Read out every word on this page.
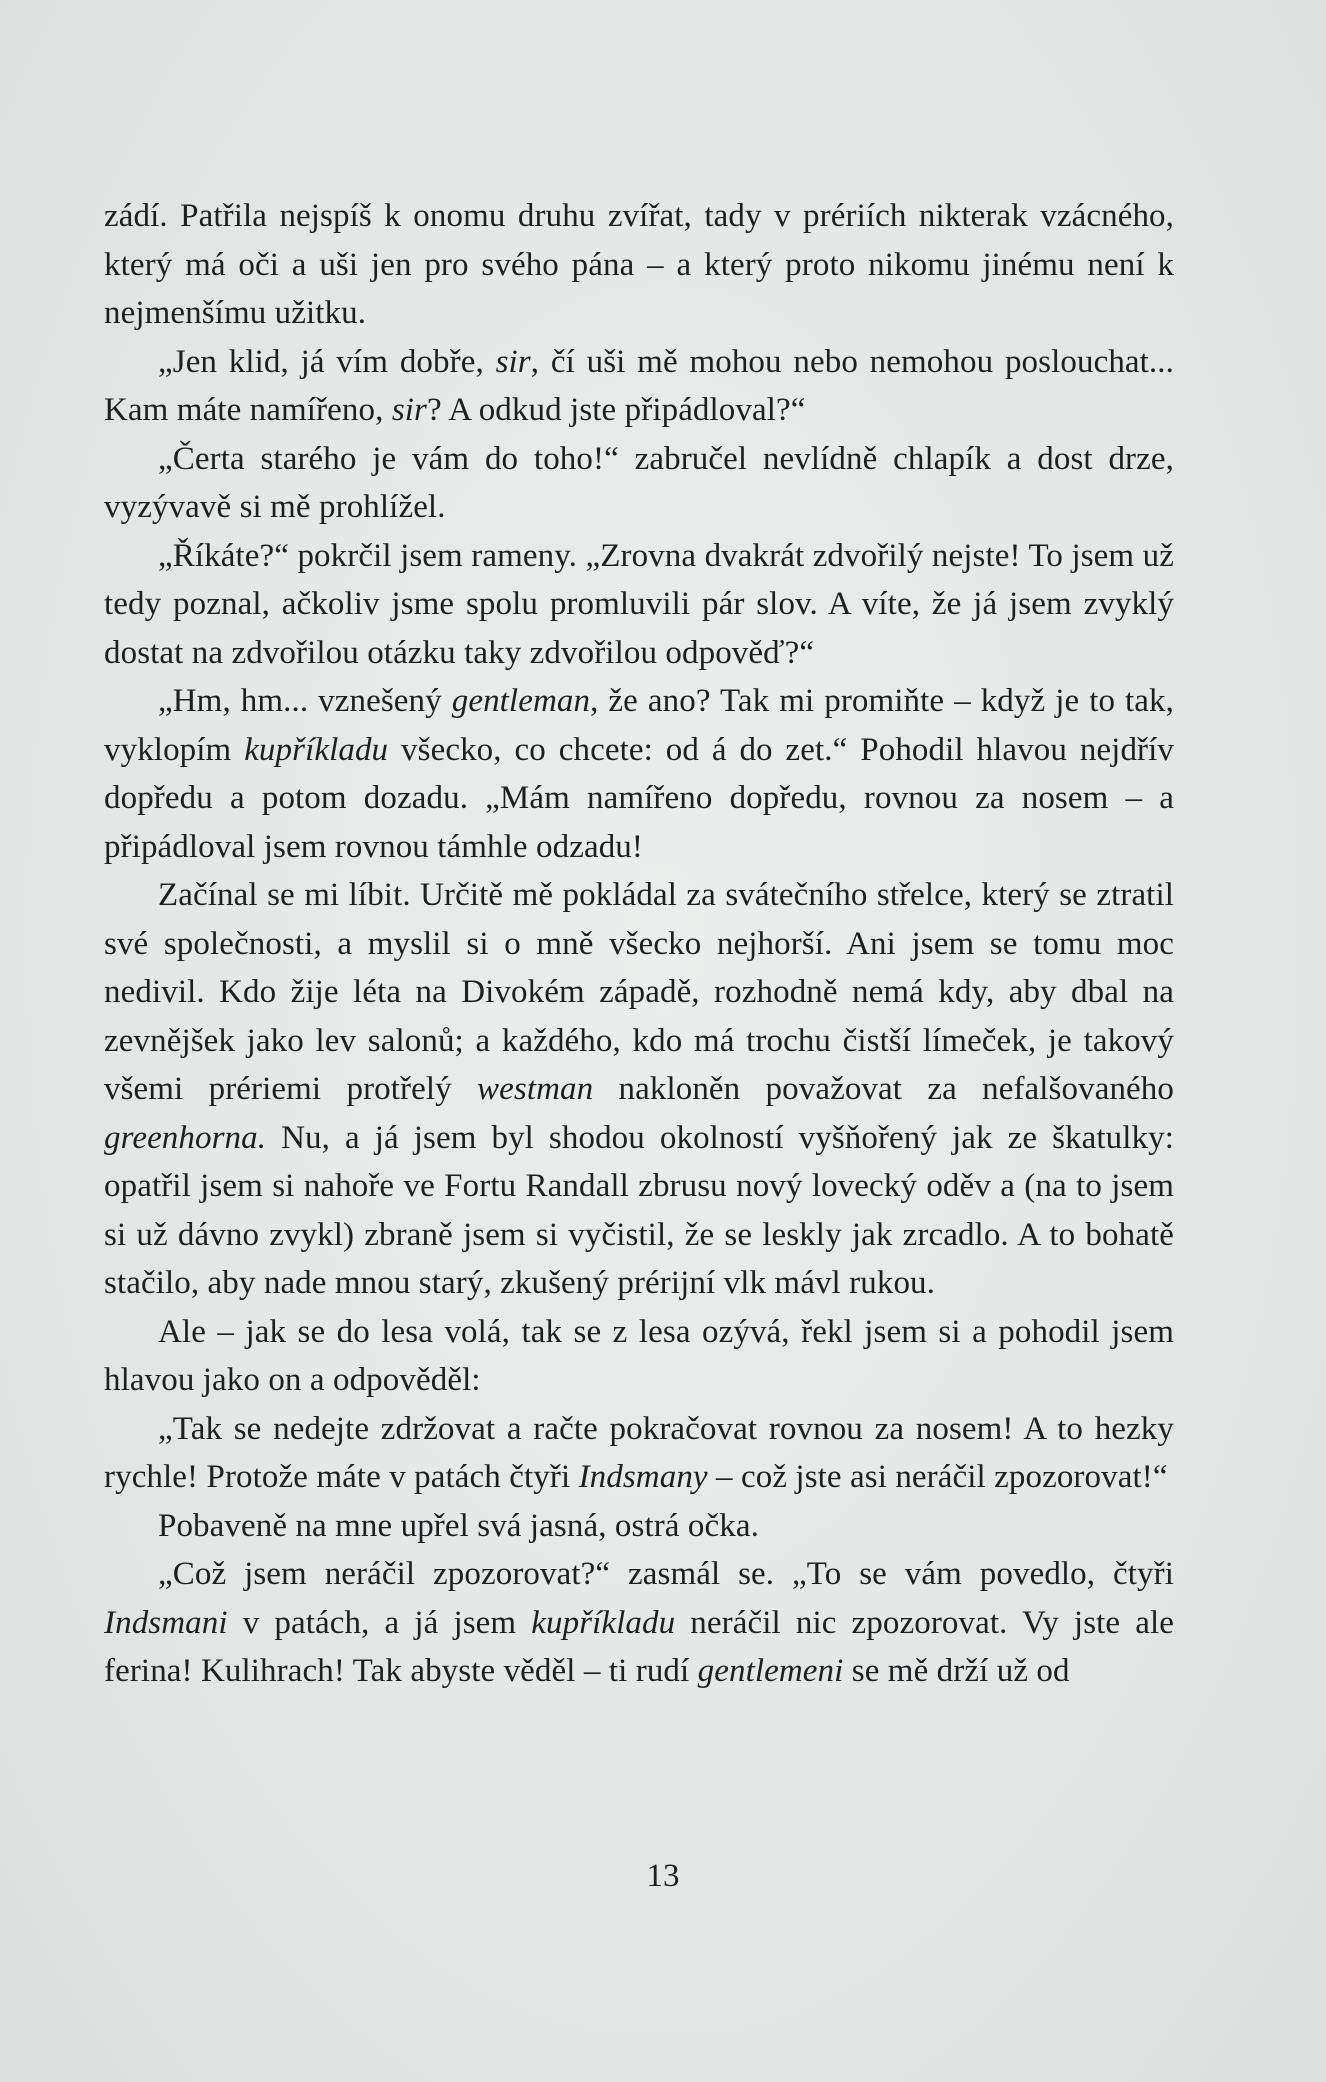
zádí. Patřila nejspíš k onomu druhu zvířat, tady v prériích nikterak vzácného, který má oči a uši jen pro svého pána – a který proto nikomu jinému není k nejmenšímu užitku.

„Jen klid, já vím dobře, sir, čí uši mě mohou nebo nemohou poslouchat... Kam máte namířeno, sir? A odkud jste připádloval?“

„Čerta starého je vám do toho!“ zabručel nevlídně chlapík a dost drze, vyzývavě si mě prohlížel.

„Říkáte?“ pokrčil jsem rameny. „Zrovna dvakrát zdvořilý nejste! To jsem už tedy poznal, ačkoliv jsme spolu promluvili pár slov. A víte, že já jsem zvyklý dostat na zdvořilou otázku taky zdvořilou odpověď?“

„Hm, hm... vznešený gentleman, že ano? Tak mi promiňte – když je to tak, vyklopím kupříkladu všecko, co chcete: od á do zet.“ Pohodil hlavou nejdřív dopředu a potom dozadu. „Mám namířeno dopředu, rovnou za nosem – a připádloval jsem rovnou támhle odzadu!

Začínal se mi líbit. Určitě mě pokládal za svátečního střelce, který se ztratil své společnosti, a myslil si o mně všecko nejhorší. Ani jsem se tomu moc nedivil. Kdo žije léta na Divokém západě, rozhodně nemá kdy, aby dbal na zevnějšek jako lev salonů; a každého, kdo má trochu čistší límeček, je takový všemi prériemi protřelý westman nakloněn považovat za nefalšovaného greenhorna. Nu, a já jsem byl shodou okolností vyšňořený jak ze škatulky: opatřil jsem si nahoře ve Fortu Randall zbrusu nový lovecký oděv a (na to jsem si už dávno zvykl) zbraně jsem si vyčistil, že se leskly jak zrcadlo. A to bohatě stačilo, aby nade mnou starý, zkušený prérijní vlk mávl rukou.

Ale – jak se do lesa volá, tak se z lesa ozývá, řekl jsem si a pohodil jsem hlavou jako on a odpověděl:

„Tak se nedejte zdržovat a račte pokračovat rovnou za nosem! A to hezky rychle! Protože máte v patách čtyři Indsmany – což jste asi neráčil zpozorovat!“

Pobaveně na mne upřel svá jasná, ostrá očka.

„Což jsem neráčil zpozorovat?“ zasmál se. „To se vám povedlo, čtyři Indsmani v patách, a já jsem kupříkladu neráčil nic zpozorovat. Vy jste ale ferina! Kulihrach! Tak abyste věděl – ti rudí gentlemeni se mě drží už od

13
